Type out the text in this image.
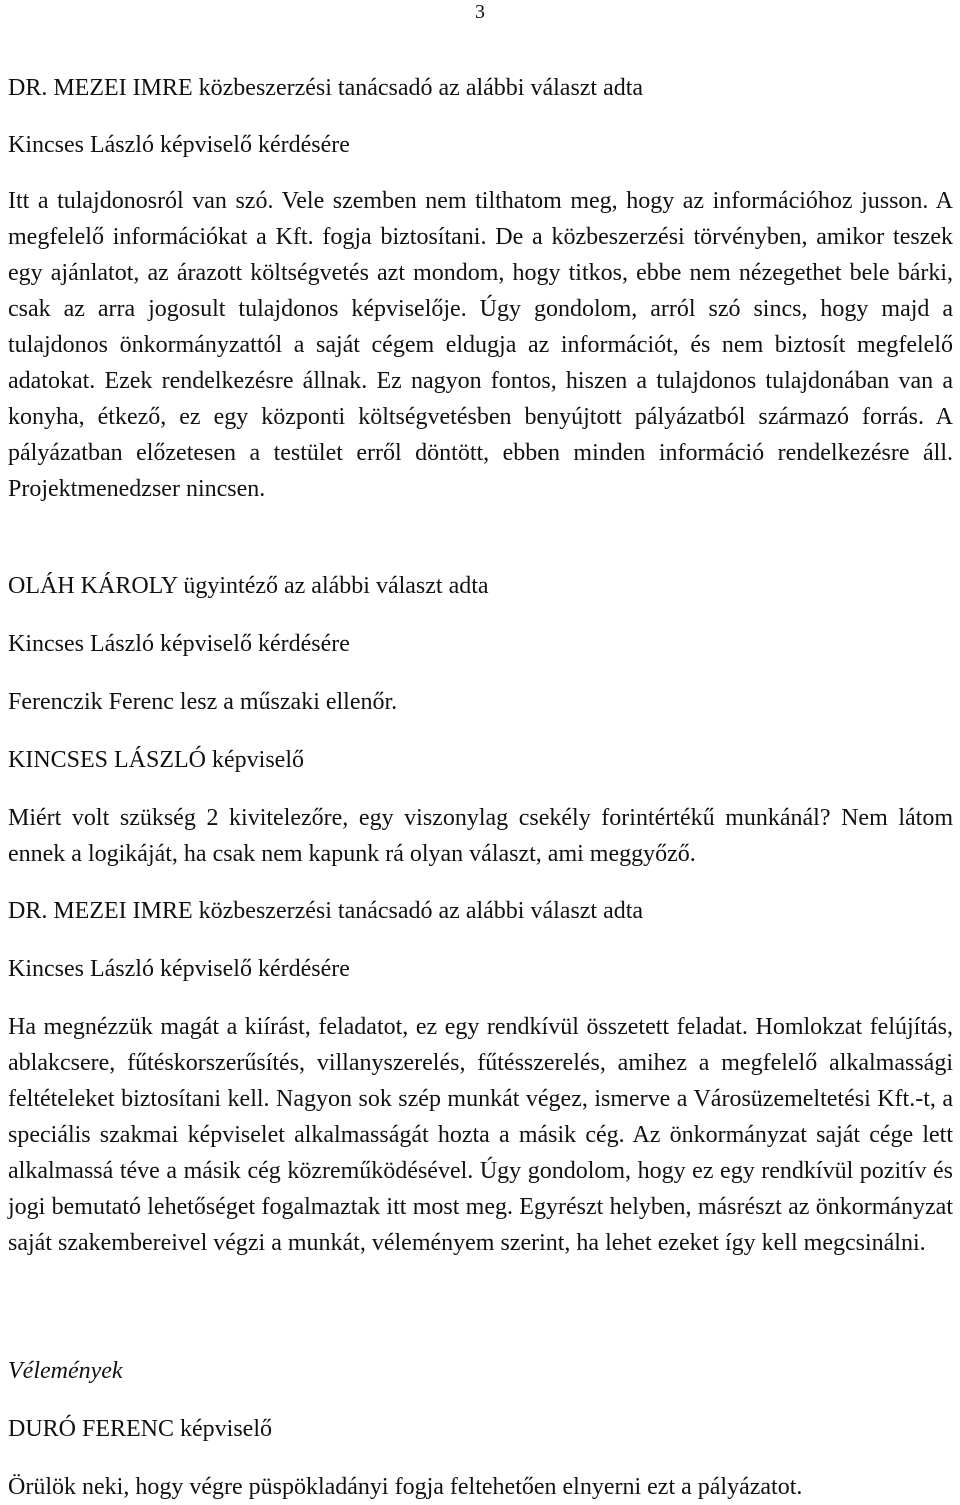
3

DR. MEZEI IMRE közbeszerzési tanácsadó az alábbi választ adta

Kincses László képviselő kérdésére

Itt a tulajdonosról van szó. Vele szemben nem tilthatom meg, hogy az információhoz jusson. A megfelelő információkat a Kft. fogja biztosítani. De a közbeszerzési törvényben, amikor teszek egy ajánlatot, az árazott költségvetés azt mondom, hogy titkos, ebbe nem nézegethet bele bárki, csak az arra jogosult tulajdonos képviselője. Úgy gondolom, arról szó sincs, hogy majd a tulajdonos önkormányzattól a saját cégem eldugja az információt, és nem biztosít megfelelő adatokat. Ezek rendelkezésre állnak. Ez nagyon fontos, hiszen a tulajdonos tulajdonában van a konyha, étkező, ez egy központi költségvetésben benyújtott pályázatból származó forrás. A pályázatban előzetesen a testület erről döntött, ebben minden információ rendelkezésre áll. Projektmenedzser nincsen.

OLÁH KÁROLY ügyintéző az alábbi választ adta

Kincses László képviselő kérdésére

Ferenczik Ferenc lesz a műszaki ellenőr.

KINCSES LÁSZLÓ képviselő

Miért volt szükség 2 kivitelezőre, egy viszonylag csekély forintértékű munkánál? Nem látom ennek a logikáját, ha csak nem kapunk rá olyan választ, ami meggyőző.

DR. MEZEI IMRE közbeszerzési tanácsadó az alábbi választ adta

Kincses László képviselő kérdésére

Ha megnézzük magát a kiírást, feladatot, ez egy rendkívül összetett feladat. Homlokzat felújítás, ablakcsere, fűtéskorszerűsítés, villanyszerelés, fűtésszerelés, amihez a megfelelő alkalmassági feltételeket biztosítani kell. Nagyon sok szép munkát végez, ismerve a Városüzemeltetési Kft.-t, a speciális szakmai képviselet alkalmasságát hozta a másik cég. Az önkormányzat saját cége lett alkalmassá téve a másik cég közreműködésével. Úgy gondolom, hogy ez egy rendkívül pozitív és jogi bemutató lehetőséget fogalmaztak itt most meg. Egyrészt helyben, másrészt az önkormányzat saját szakembereivel végzi a munkát, véleményem szerint, ha lehet ezeket így kell megcsinálni.

Vélemények

DURÓ FERENC képviselő

Örülök neki, hogy végre püspökladányi fogja feltehetően elnyerni ezt a pályázatot.
